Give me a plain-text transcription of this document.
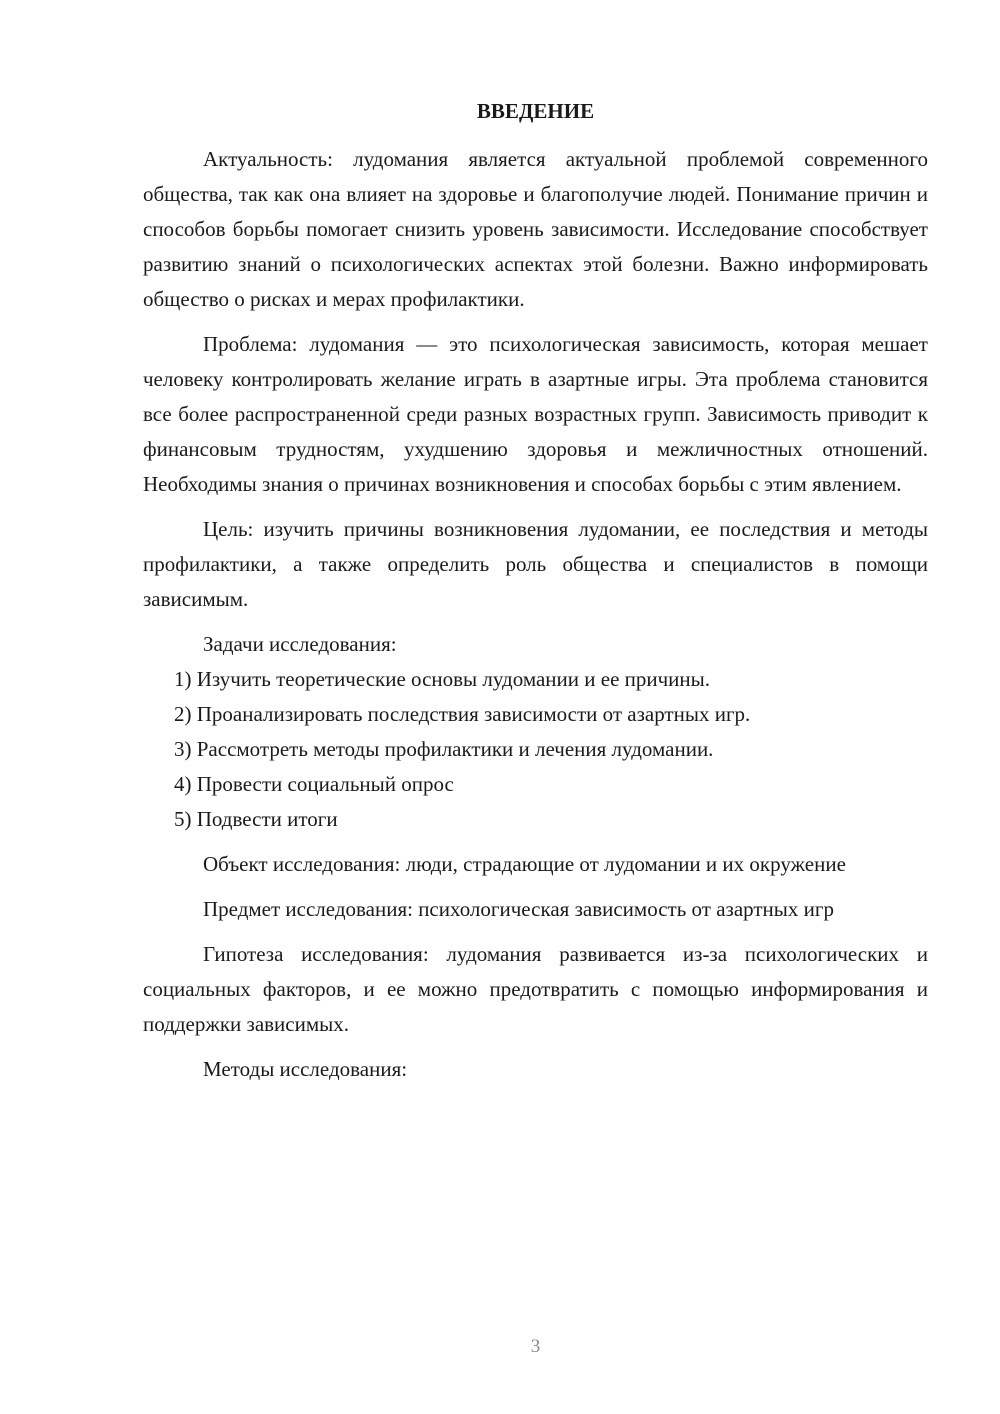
ВВЕДЕНИЕ

Актуальность: лудомания является актуальной проблемой современного общества, так как она влияет на здоровье и благополучие людей. Понимание причин и способов борьбы помогает снизить уровень зависимости. Исследование способствует развитию знаний о психологических аспектах этой болезни. Важно информировать общество о рисках и мерах профилактики.

Проблема: лудомания — это психологическая зависимость, которая мешает человеку контролировать желание играть в азартные игры. Эта проблема становится все более распространенной среди разных возрастных групп. Зависимость приводит к финансовым трудностям, ухудшению здоровья и межличностных отношений. Необходимы знания о причинах возникновения и способах борьбы с этим явлением.

Цель: изучить причины возникновения лудомании, ее последствия и методы профилактики, а также определить роль общества и специалистов в помощи зависимым.

Задачи исследования:

1) Изучить теоретические основы лудомании и ее причины.

2) Проанализировать последствия зависимости от азартных игр.

3) Рассмотреть методы профилактики и лечения лудомании.

4) Провести социальный опрос

5) Подвести итоги

Объект исследования: люди, страдающие от лудомании и их окружение

Предмет исследования: психологическая зависимость от азартных игр

Гипотеза исследования: лудомания развивается из-за психологических и социальных факторов, и ее можно предотвратить с помощью информирования и поддержки зависимых.

Методы исследования:

3
